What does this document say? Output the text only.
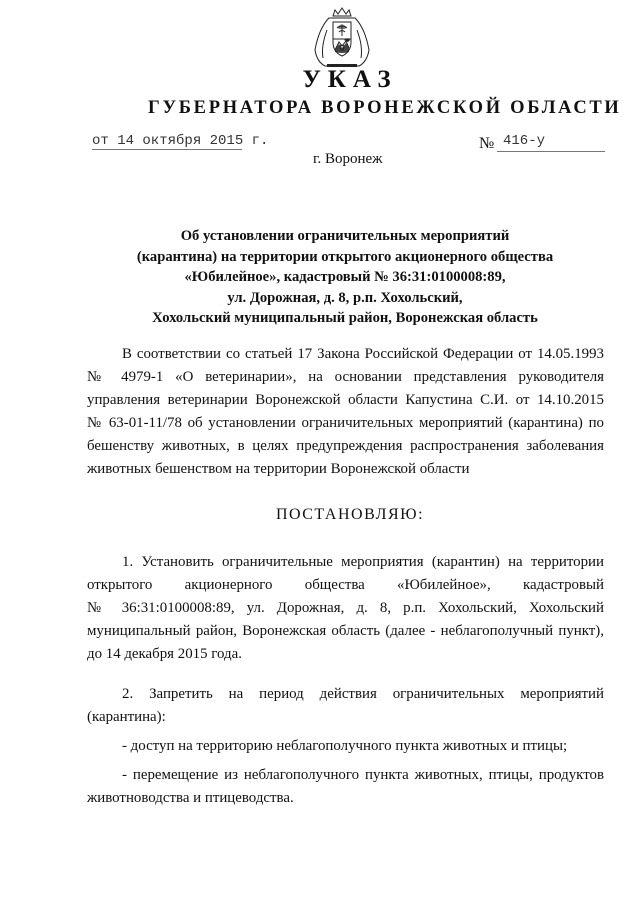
УКАЗ
ГУБЕРНАТОРА ВОРОНЕЖСКОЙ ОБЛАСТИ
от 14 октября 2015 г.	№ 416-у
г. Воронеж
Об установлении ограничительных мероприятий
(карантина) на территории открытого акционерного общества
«Юбилейное», кадастровый № 36:31:0100008:89,
ул. Дорожная, д. 8, р.п. Хохольский,
Хохольский муниципальный район, Воронежская область
В соответствии со статьей 17 Закона Российской Федерации от 14.05.1993
№ 4979-1 «О ветеринарии», на основании представления руководителя
управления ветеринарии Воронежской области Капустина С.И. от 14.10.2015
№ 63-01-11/78 об установлении ограничительных мероприятий (карантина) по
бешенству животных, в целях предупреждения распространения заболевания
животных бешенством на территории Воронежской области
ПОСТАНОВЛЯЮ:
1. Установить ограничительные мероприятия (карантин) на территории
открытого акционерного общества «Юбилейное», кадастровый
№ 36:31:0100008:89, ул. Дорожная, д. 8, р.п. Хохольский, Хохольский
муниципальный район, Воронежская область (далее - неблагополучный пункт),
до 14 декабря 2015 года.
2. Запретить на период действия ограничительных мероприятий
(карантина):
- доступ на территорию неблагополучного пункта животных и птицы;
- перемещение из неблагополучного пункта животных, птицы, продуктов
животноводства и птицеводства.
